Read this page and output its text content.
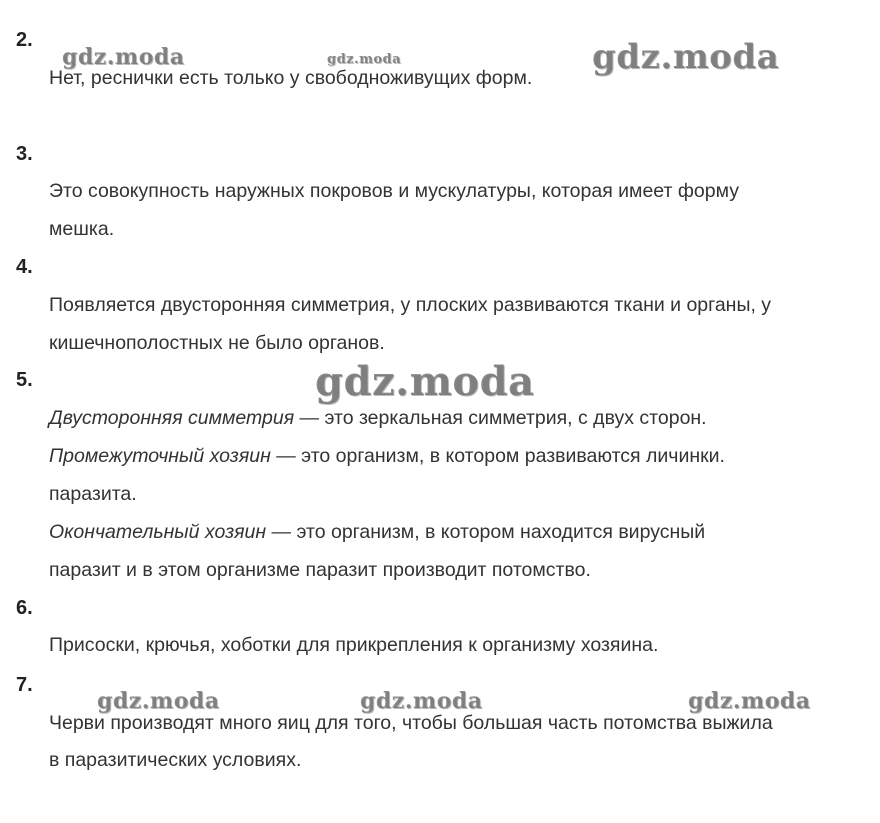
2.
3.
4.
5.
6.
7.
Нет, реснички есть только у свободноживущих форм.
Это совокупность наружных покровов и мускулатуры, которая имеет форму
мешка.
Появляется двусторонняя симметрия, у плоских развиваются ткани и органы, у
кишечнополостных не было органов.
Двусторонняя симметрия — это зеркальная симметрия, с двух сторон.
Промежуточный хозяин — это организм, в котором развиваются личинки.
паразита.
Окончательный хозяин — это организм, в котором находится вирусный
паразит и в этом организме паразит производит потомство.
Присоски, крючья, хоботки для прикрепления к организму хозяина.
Черви производят много яиц для того, чтобы большая часть потомства выжила
в паразитических условиях.
gdz.moda	gdz.moda	gdz.moda
gdz.moda
gdz.moda	gdz.moda	gdz.moda
